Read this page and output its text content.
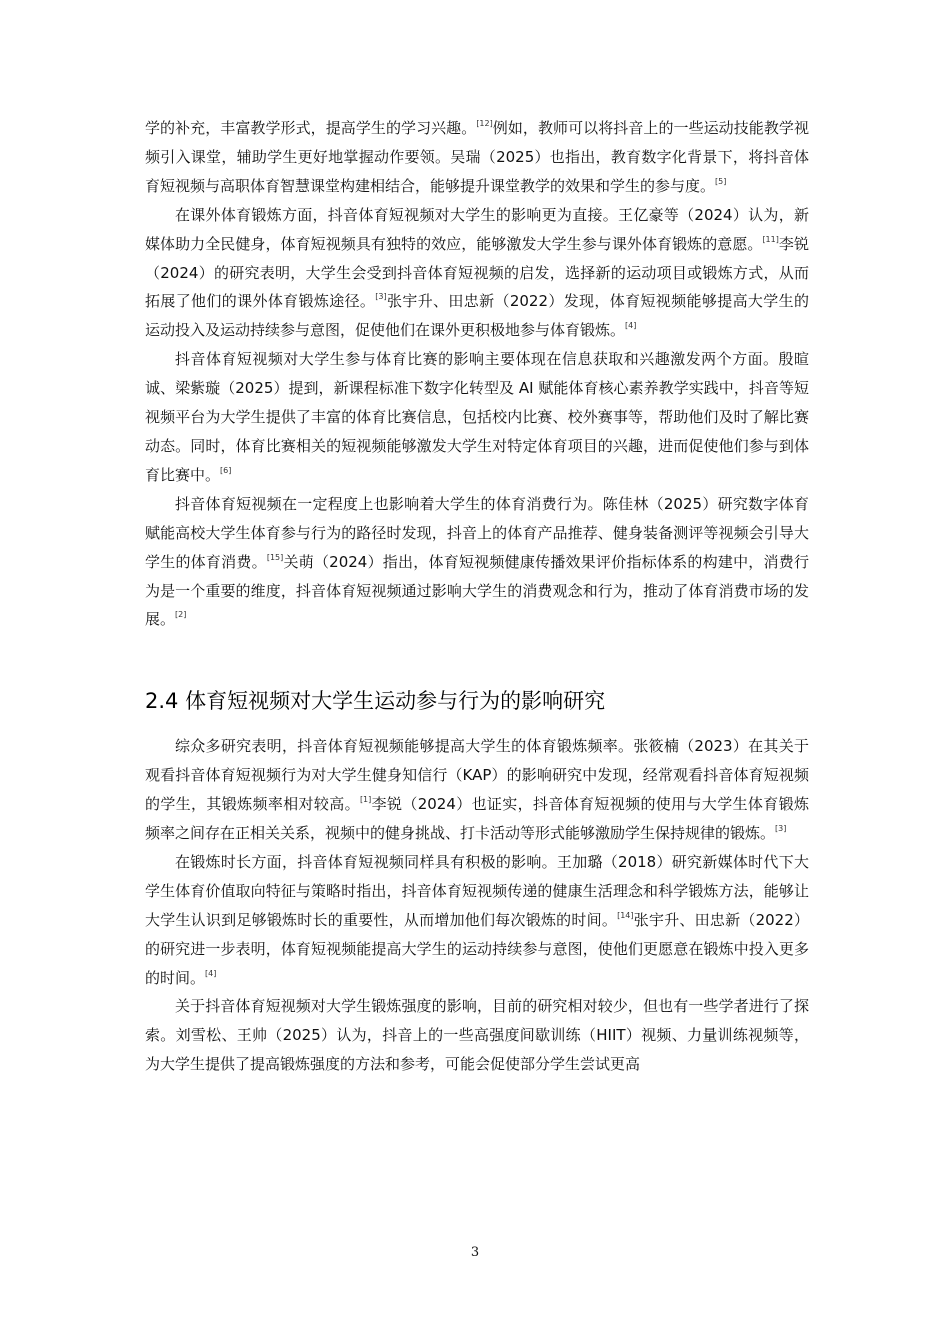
学的补充，丰富教学形式，提高学生的学习兴趣。[12]例如，教师可以将抖音上的一些运动技能教学视频引入课堂，辅助学生更好地掌握动作要领。吴瑞（2025）也指出，教育数字化背景下，将抖音体育短视频与高职体育智慧课堂构建相结合，能够提升课堂教学的效果和学生的参与度。[5]

在课外体育锻炼方面，抖音体育短视频对大学生的影响更为直接。王亿豪等（2024）认为，新媒体助力全民健身，体育短视频具有独特的效应，能够激发大学生参与课外体育锻炼的意愿。[11]李锐（2024）的研究表明，大学生会受到抖音体育短视频的启发，选择新的运动项目或锻炼方式，从而拓展了他们的课外体育锻炼途径。[3]张宇升、田忠新（2022）发现，体育短视频能够提高大学生的运动投入及运动持续参与意图，促使他们在课外更积极地参与体育锻炼。[4]

抖音体育短视频对大学生参与体育比赛的影响主要体现在信息获取和兴趣激发两个方面。殷暄诚、梁紫璇（2025）提到，新课程标准下数字化转型及 AI 赋能体育核心素养教学实践中，抖音等短视频平台为大学生提供了丰富的体育比赛信息，包括校内比赛、校外赛事等，帮助他们及时了解比赛动态。同时，体育比赛相关的短视频能够激发大学生对特定体育项目的兴趣，进而促使他们参与到体育比赛中。[6]

抖音体育短视频在一定程度上也影响着大学生的体育消费行为。陈佳林（2025）研究数字体育赋能高校大学生体育参与行为的路径时发现，抖音上的体育产品推荐、健身装备测评等视频会引导大学生的体育消费。[15]关萌（2024）指出，体育短视频健康传播效果评价指标体系的构建中，消费行为是一个重要的维度，抖音体育短视频通过影响大学生的消费观念和行为，推动了体育消费市场的发展。[2]

2.4 体育短视频对大学生运动参与行为的影响研究

综众多研究表明，抖音体育短视频能够提高大学生的体育锻炼频率。张筱楠（2023）在其关于观看抖音体育短视频行为对大学生健身知信行（KAP）的影响研究中发现，经常观看抖音体育短视频的学生，其锻炼频率相对较高。[1]李锐（2024）也证实，抖音体育短视频的使用与大学生体育锻炼频率之间存在正相关关系，视频中的健身挑战、打卡活动等形式能够激励学生保持规律的锻炼。[3]

在锻炼时长方面，抖音体育短视频同样具有积极的影响。王加璐（2018）研究新媒体时代下大学生体育价值取向特征与策略时指出，抖音体育短视频传递的健康生活理念和科学锻炼方法，能够让大学生认识到足够锻炼时长的重要性，从而增加他们每次锻炼的时间。[14]张宇升、田忠新（2022）的研究进一步表明，体育短视频能提高大学生的运动持续参与意图，使他们更愿意在锻炼中投入更多的时间。[4]

关于抖音体育短视频对大学生锻炼强度的影响，目前的研究相对较少，但也有一些学者进行了探索。刘雪松、王帅（2025）认为，抖音上的一些高强度间歇训练（HIIT）视频、力量训练视频等，为大学生提供了提高锻炼强度的方法和参考，可能会促使部分学生尝试更高

3
